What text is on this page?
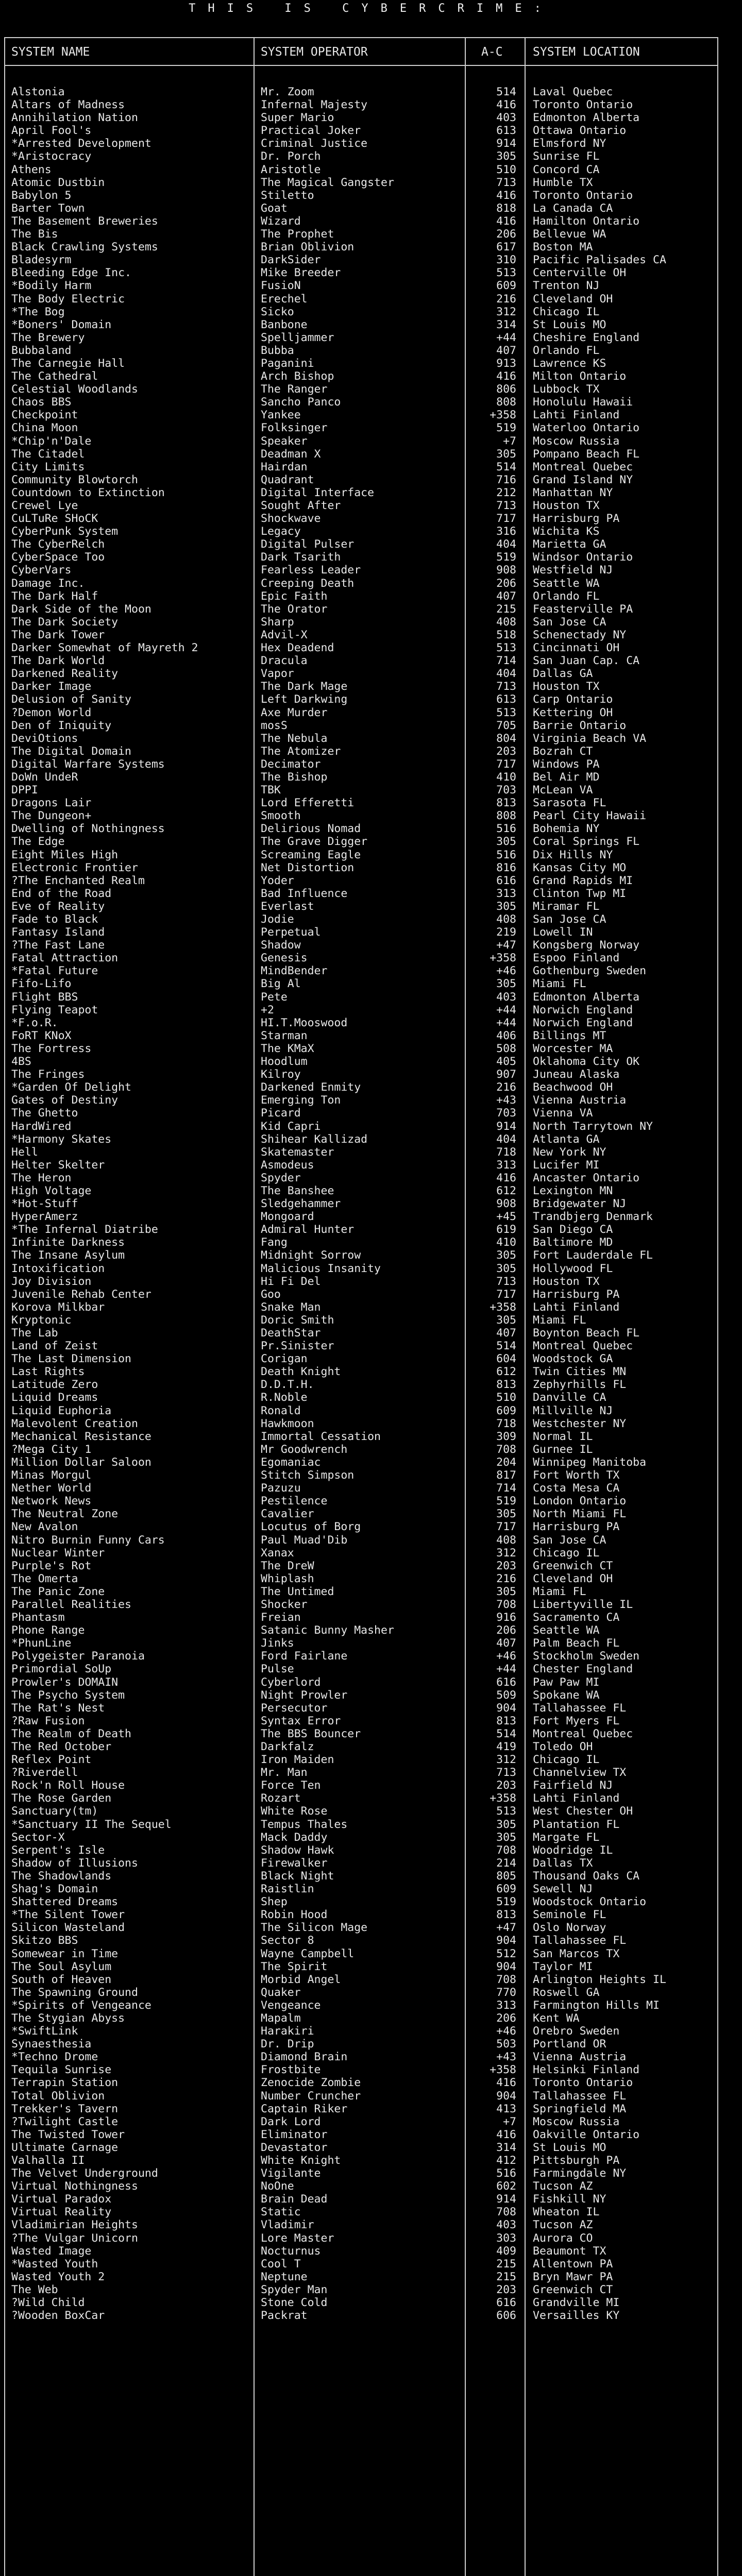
THIS IS CYBERCRIME:
SYSTEM NAME	SYSTEM OPERATOR	A-C	SYSTEM LOCATION
Alstonia	Mr. Zoom	514 Laval Quebec
Altars of Madness	Infernal Majesty	416 Toronto Ontario
Annihilation Nation	Super Mario	403 Edmonton Alberta
April Fool's	Practical Joker	613 Ottawa Ontario
*Arrested Development	Criminal Justice	914 Elmsford NY
*Aristocracy	Dr. Porch	305 Sunrise FL
Athens	Aristotle	510 Concord CA
Atomic Dustbin	The Magical Gangster	713 Humble TX
Babylon 5	Stiletto	416 Toronto Ontario
Barter Town	Goat	818 La Canada CA
The Basement Breweries	Wizard	416 Hamilton Ontario
The Bis	The Prophet	206 Bellevue WA
Black Crawling Systems	Brian Oblivion	617 Boston MA
Bladesyrm	DarkSider	310 Pacific Palisades CA
Bleeding Edge Inc.	Mike Breeder	513 Centerville OH
*Bodily Harm	FusioN	609 Trenton NJ
The Body Electric	Erechel	216 Cleveland OH
*The Bog	Sicko	312 Chicago IL
*Boners' Domain	Banbone	314 St Louis MO
The Brewery	Spelljammer	+44 Cheshire England
Bubbaland	Bubba	407 Orlando FL
The Carnegie Hall	Paganini	913 Lawrence KS
The Cathedral	Arch Bishop	416 Milton Ontario
Celestial Woodlands	The Ranger	806 Lubbock TX
Chaos BBS	Sancho Panco	808 Honolulu Hawaii
Checkpoint	Yankee	+358 Lahti Finland
China Moon	Folksinger	519 Waterloo Ontario
*Chip'n'Dale	Speaker	+7 Moscow Russia
The Citadel	Deadman X	305 Pompano Beach FL
City Limits	Hairdan	514 Montreal Quebec
Community Blowtorch	Quadrant	716 Grand Island NY
Countdown to Extinction	Digital Interface	212 Manhattan NY
Crewel Lye	Sought After	713 Houston TX
CuLTuRe SHoCK	Shockwave	717 Harrisburg PA
CyberPunk System	Legacy	316 Wichita KS
The CyberRelch	Digital Pulser	404 Marietta GA
CyberSpace Too	Dark Tsarith	519 Windsor Ontario
CyberVars	Fearless Leader	908 Westfield NJ
Damage Inc.	Creeping Death	206 Seattle WA
The Dark Half	Epic Faith	407 Orlando FL
Dark Side of the Moon	The Orator	215 Feasterville PA
The Dark Society	Sharp	408 San Jose CA
The Dark Tower	Advil-X	518 Schenectady NY
Darker Somewhat of Mayreth 2	Hex Deadend	513 Cincinnati OH
The Dark World	Dracula	714 San Juan Cap. CA
Darkened Reality	Vapor	404 Dallas GA
Darker Image	The Dark Mage	713 Houston TX
Delusion of Sanity	Left Darkwing	613 Carp Ontario
?Demon World	Axe Murder	513 Kettering OH
Den of Iniquity	mosS	705 Barrie Ontario
DeviOtions	The Nebula	804 Virginia Beach VA
The Digital Domain	The Atomizer	203 Bozrah CT
Digital Warfare Systems	Decimator	717 Windows PA
DoWn UndeR	The Bishop	410 Bel Air MD
DPPI	TBK	703 McLean VA
Dragons Lair	Lord Efferetti	813 Sarasota FL
The Dungeon+	Smooth	808 Pearl City Hawaii
Dwelling of Nothingness	Delirious Nomad	516 Bohemia NY
The Edge	The Grave Digger	305 Coral Springs FL
Eight Miles High	Screaming Eagle	516 Dix Hills NY
Electronic Frontier	Net Distortion	816 Kansas City MO
?The Enchanted Realm	Yoder	616 Grand Rapids MI
End of the Road	Bad Influence	313 Clinton Twp MI
Eve of Reality	Everlast	305 Miramar FL
Fade to Black	Jodie	408 San Jose CA
Fantasy Island	Perpetual	219 Lowell IN
?The Fast Lane	Shadow	+47 Kongsberg Norway
Fatal Attraction	Genesis	+358 Espoo Finland
*Fatal Future	MindBender	+46 Gothenburg Sweden
Fifo-Lifo	Big Al	305 Miami FL
Flight BBS	Pete	403 Edmonton Alberta
Flying Teapot	+2	+44 Norwich England
*F.o.R.	HI.T.Mooswood	+44 Norwich England
FoRT KNoX	Starman	406 Billings MT
The Fortress	The KMaX	508 Worcester MA
4BS	Hoodlum	405 Oklahoma City OK
The Fringes	Kilroy	907 Juneau Alaska
*Garden Of Delight	Darkened Enmity	216 Beachwood OH
Gates of Destiny	Emerging Ton	+43 Vienna Austria
The Ghetto	Picard	703 Vienna VA
HardWired	Kid Capri	914 North Tarrytown NY
*Harmony Skates	Shihear Kallizad	404 Atlanta GA
Hell	Skatemaster	718 New York NY
Helter Skelter	Asmodeus	313 Lucifer MI
The Heron	Spyder	416 Ancaster Ontario
High Voltage	The Banshee	612 Lexington MN
*Hot-Stuff	Sledgehammer	908 Bridgewater NJ
HyperAmerz	Mongoard	+45 Trandbjerg Denmark
*The Infernal Diatribe	Admiral Hunter	619 San Diego CA
Infinite Darkness	Fang	410 Baltimore MD
The Insane Asylum	Midnight Sorrow	305 Fort Lauderdale FL
Intoxification	Malicious Insanity	305 Hollywood FL
Joy Division	Hi Fi Del	713 Houston TX
Juvenile Rehab Center	Goo	717 Harrisburg PA
Korova Milkbar	Snake Man	+358 Lahti Finland
Kryptonic	Doric Smith	305 Miami FL
The Lab	DeathStar	407 Boynton Beach FL
Land of Zeist	Pr.Sinister	514 Montreal Quebec
The Last Dimension	Corigan	604 Woodstock GA
Last Rights	Death Knight	612 Twin Cities MN
Latitude Zero	D.D.T.H.	813 Zephyrhills FL
Liquid Dreams	R.Noble	510 Danville CA
Liquid Euphoria	Ronald	609 Millville NJ
Malevolent Creation	Hawkmoon	718 Westchester NY
Mechanical Resistance	Immortal Cessation	309 Normal IL
?Mega City 1	Mr Goodwrench	708 Gurnee IL
Million Dollar Saloon	Egomaniac	204 Winnipeg Manitoba
Minas Morgul	Stitch Simpson	817 Fort Worth TX
Nether World	Pazuzu	714 Costa Mesa CA
Network News	Pestilence	519 London Ontario
The Neutral Zone	Cavalier	305 North Miami FL
New Avalon	Locutus of Borg	717 Harrisburg PA
Nitro Burnin Funny Cars	Paul Muad'Dib	408 San Jose CA
Nuclear Winter	Xanax	312 Chicago IL
Purple's Rot	The DreW	203 Greenwich CT
The Omerta	Whiplash	216 Cleveland OH
The Panic Zone	The Untimed	305 Miami FL
Parallel Realities	Shocker	708 Libertyville IL
Phantasm	Freian	916 Sacramento CA
Phone Range	Satanic Bunny Masher	206 Seattle WA
*PhunLine	Jinks	407 Palm Beach FL
Polygeister Paranoia	Ford Fairlane	+46 Stockholm Sweden
Primordial SoUp	Pulse	+44 Chester England
Prowler's DOMAIN	Cyberlord	616 Paw Paw MI
The Psycho System	Night Prowler	509 Spokane WA
The Rat's Nest	Persecutor	904 Tallahassee FL
?Raw Fusion	Syntax Error	813 Fort Myers FL
The Realm of Death	The BBS Bouncer	514 Montreal Quebec
The Red October	Darkfalz	419 Toledo OH
Reflex Point	Iron Maiden	312 Chicago IL
?Riverdell	Mr. Man	713 Channelview TX
Rock'n Roll House	Force Ten	203 Fairfield NJ
The Rose Garden	Rozart	+358 Lahti Finland
Sanctuary(tm)	White Rose	513 West Chester OH
*Sanctuary II The Sequel	Tempus Thales	305 Plantation FL
Sector-X	Mack Daddy	305 Margate FL
Serpent's Isle	Shadow Hawk	708 Woodridge IL
Shadow of Illusions	Firewalker	214 Dallas TX
The Shadowlands	Black Night	805 Thousand Oaks CA
Shag's Domain	Raistlin	609 Sewell NJ
Shattered Dreams	Shep	519 Woodstock Ontario
*The Silent Tower	Robin Hood	813 Seminole FL
Silicon Wasteland	The Silicon Mage	+47 Oslo Norway
Skitzo BBS	Sector 8	904 Tallahassee FL
Somewear in Time	Wayne Campbell	512 San Marcos TX
The Soul Asylum	The Spirit	904 Taylor MI
South of Heaven	Morbid Angel	708 Arlington Heights IL
The Spawning Ground	Quaker	770 Roswell GA
*Spirits of Vengeance	Vengeance	313 Farmington Hills MI
The Stygian Abyss	Mapalm	206 Kent WA
*SwiftLink	Harakiri	+46 Orebro Sweden
Synaesthesia	Dr. Drip	503 Portland OR
*Techno Drome	Diamond Brain	+43 Vienna Austria
Tequila Sunrise	Frostbite	+358 Helsinki Finland
Terrapin Station	Zenocide Zombie	416 Toronto Ontario
Total Oblivion	Number Cruncher	904 Tallahassee FL
Trekker's Tavern	Captain Riker	413 Springfield MA
?Twilight Castle	Dark Lord	+7 Moscow Russia
The Twisted Tower	Eliminator	416 Oakville Ontario
Ultimate Carnage	Devastator	314 St Louis MO
Valhalla II	White Knight	412 Pittsburgh PA
The Velvet Underground	Vigilante	516 Farmingdale NY
Virtual Nothingness	NoOne	602 Tucson AZ
Virtual Paradox	Brain Dead	914 Fishkill NY
Virtual Reality	Static	708 Wheaton IL
Vladimirian Heights	Vladimir	403 Tucson AZ
?The Vulgar Unicorn	Lore Master	303 Aurora CO
Wasted Image	Nocturnus	409 Beaumont TX
*Wasted Youth	Cool T	215 Allentown PA
Wasted Youth 2	Neptune	215 Bryn Mawr PA
The Web	Spyder Man	203 Greenwich CT
?Wild Child	Stone Cold	616 Grandville MI
?Wooden BoxCar	Packrat	606 Versailles KY
